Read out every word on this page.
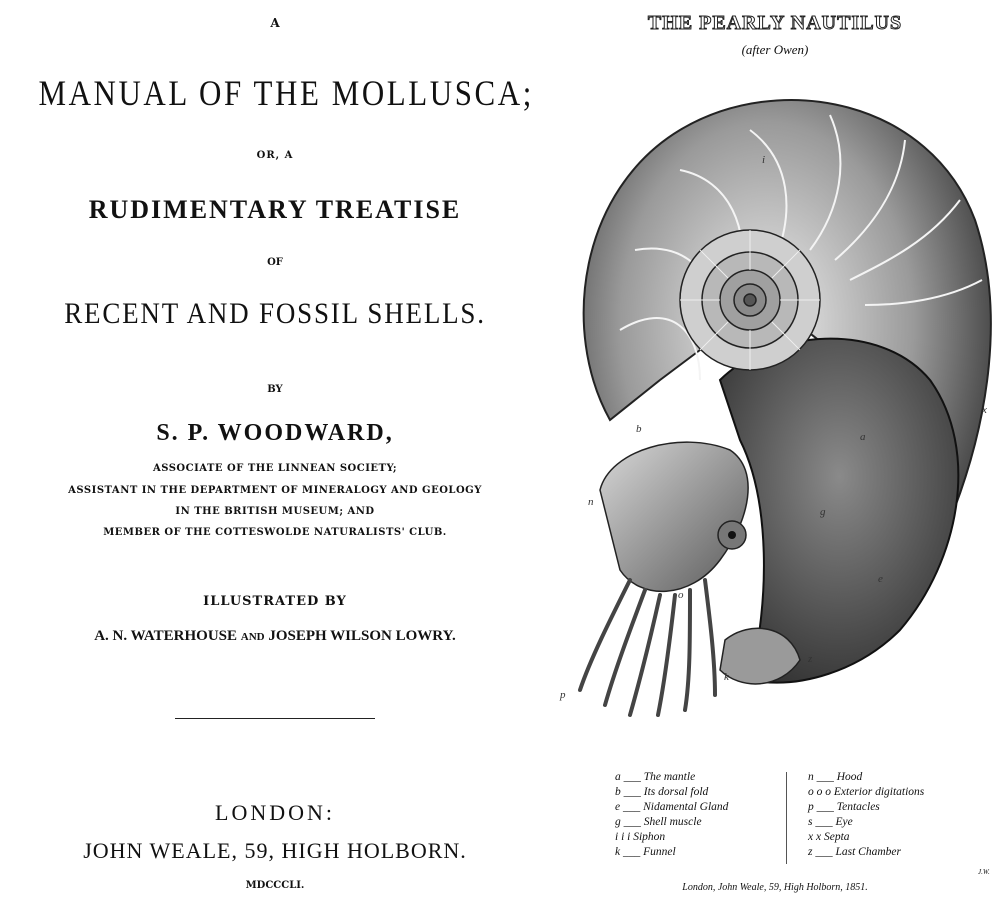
A
MANUAL OF THE MOLLUSCA;
OR, A
RUDIMENTARY TREATISE
OF
RECENT AND FOSSIL SHELLS.
BY
S. P. WOODWARD,
ASSOCIATE OF THE LINNEAN SOCIETY;
ASSISTANT IN THE DEPARTMENT OF MINERALOGY AND GEOLOGY
IN THE BRITISH MUSEUM; AND
MEMBER OF THE COTTESWOLDE NATURALISTS' CLUB.
ILLUSTRATED BY
A. N. WATERHOUSE AND JOSEPH WILSON LOWRY.
LONDON:
JOHN WEALE, 59, HIGH HOLBORN.
MDCCCLI.
THE PEARLY NAUTILUS
(after Owen)
a
b
n
g
e
x
z
k
p
o
i
a ___ The mantle
b ___ Its dorsal fold
e ___ Nidamental Gland
g ___ Shell muscle
i i i Siphon
k ___ Funnel
n ___ Hood
o o o Exterior digitations
p ___ Tentacles
s ___ Eye
x x Septa
z ___ Last Chamber
J.W.
London, John Weale, 59, High Holborn, 1851.
